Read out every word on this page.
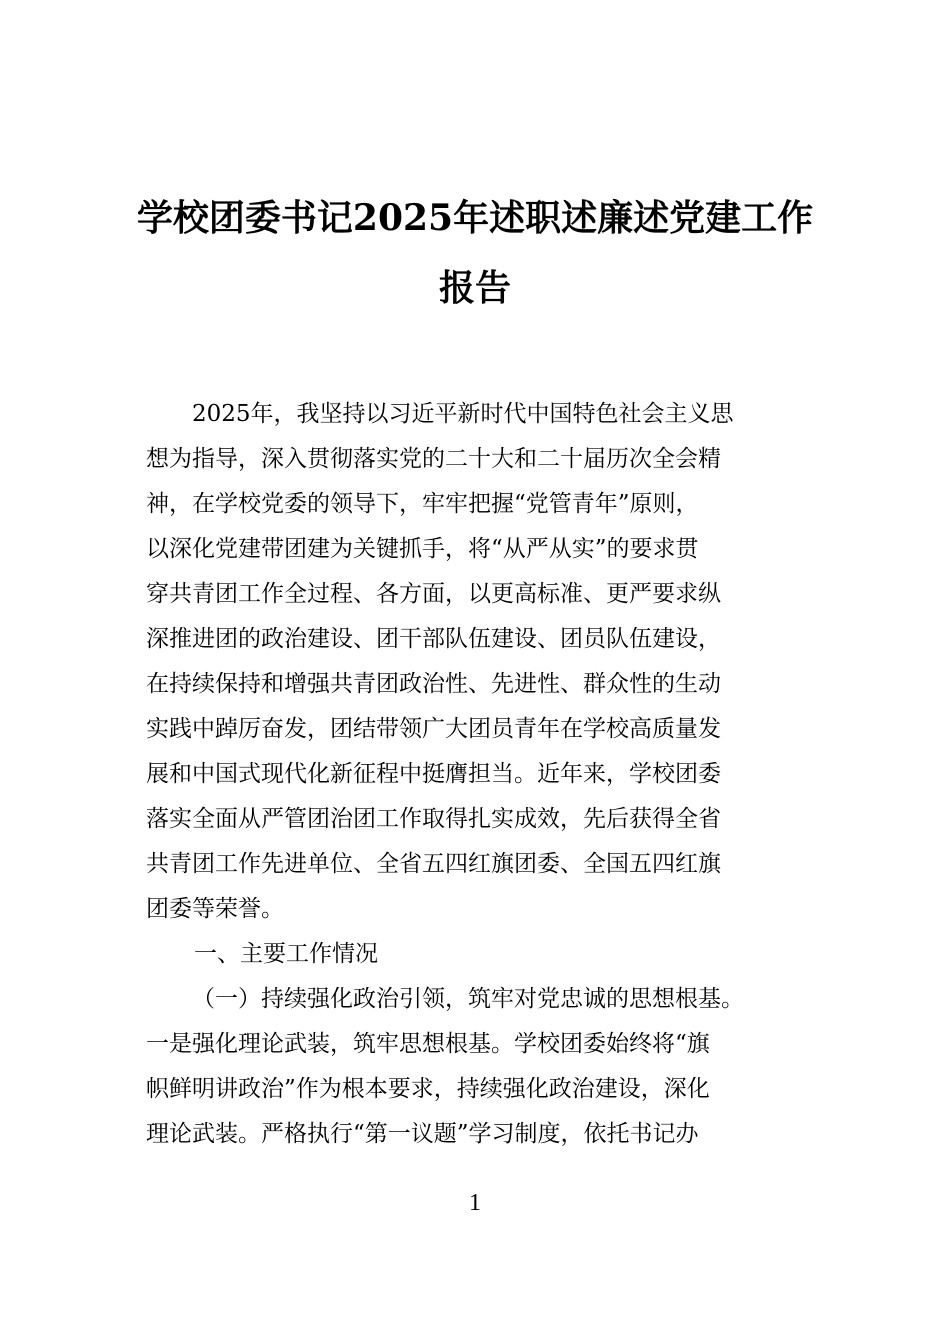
学校团委书记2025年述职述廉述党建工作
报告
2025年，我坚持以习近平新时代中国特色社会主义思
想为指导，深入贯彻落实党的二十大和二十届历次全会精
神，在学校党委的领导下，牢牢把握“党管青年”原则，
以深化党建带团建为关键抓手，将“从严从实”的要求贯
穿共青团工作全过程、各方面，以更高标准、更严要求纵
深推进团的政治建设、团干部队伍建设、团员队伍建设，
在持续保持和增强共青团政治性、先进性、群众性的生动
实践中踔厉奋发，团结带领广大团员青年在学校高质量发
展和中国式现代化新征程中挺膺担当。近年来，学校团委
落实全面从严管团治团工作取得扎实成效，先后获得全省
共青团工作先进单位、全省五四红旗团委、全国五四红旗
团委等荣誉。
一、主要工作情况
（一）持续强化政治引领，筑牢对党忠诚的思想根基。
一是强化理论武装，筑牢思想根基。学校团委始终将“旗
帜鲜明讲政治”作为根本要求，持续强化政治建设，深化
理论武装。严格执行“第一议题”学习制度，依托书记办
1
